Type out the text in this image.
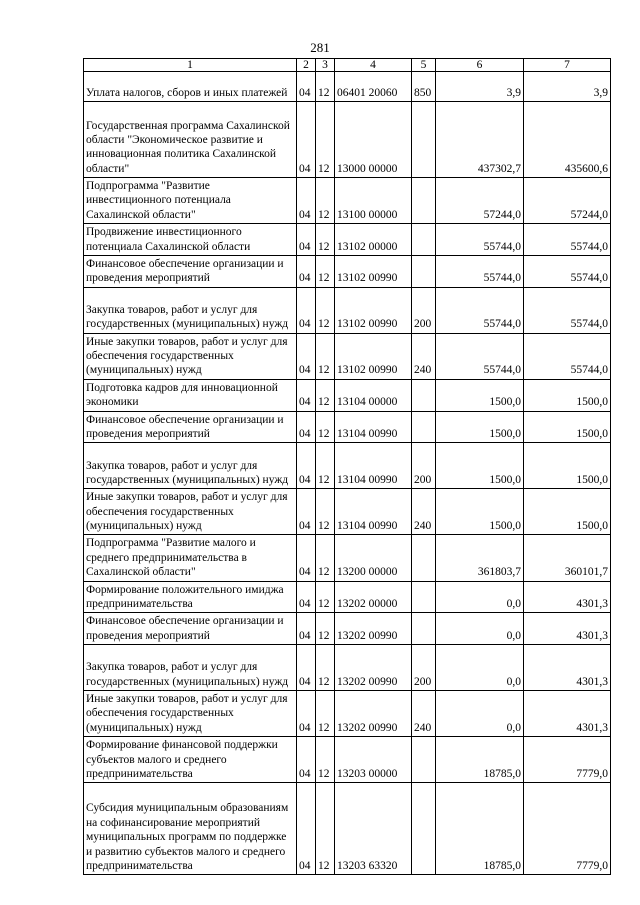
281
1	2	3	4	5	6	7
Уплата налогов, сборов и иных платежей	04	12	06401 20060	850	3,9	3,9
Государственная программа Сахалинской области "Экономическое развитие и инновационная политика Сахалинской области"	04	12	13000 00000		437302,7	435600,6
Подпрограмма "Развитие инвестиционного потенциала Сахалинской области"	04	12	13100 00000		57244,0	57244,0
Продвижение инвестиционного потенциала Сахалинской области	04	12	13102 00000		55744,0	55744,0
Финансовое обеспечение организации и проведения мероприятий	04	12	13102 00990		55744,0	55744,0
Закупка товаров, работ и услуг для государственных (муниципальных) нужд	04	12	13102 00990	200	55744,0	55744,0
Иные закупки товаров, работ и услуг для обеспечения государственных (муниципальных) нужд	04	12	13102 00990	240	55744,0	55744,0
Подготовка кадров для инновационной экономики	04	12	13104 00000		1500,0	1500,0
Финансовое обеспечение организации и проведения мероприятий	04	12	13104 00990		1500,0	1500,0
Закупка товаров, работ и услуг для государственных (муниципальных) нужд	04	12	13104 00990	200	1500,0	1500,0
Иные закупки товаров, работ и услуг для обеспечения государственных (муниципальных) нужд	04	12	13104 00990	240	1500,0	1500,0
Подпрограмма "Развитие малого и среднего предпринимательства в Сахалинской области"	04	12	13200 00000		361803,7	360101,7
Формирование положительного имиджа предпринимательства	04	12	13202 00000		0,0	4301,3
Финансовое обеспечение организации и проведения мероприятий	04	12	13202 00990		0,0	4301,3
Закупка товаров, работ и услуг для государственных (муниципальных) нужд	04	12	13202 00990	200	0,0	4301,3
Иные закупки товаров, работ и услуг для обеспечения государственных (муниципальных) нужд	04	12	13202 00990	240	0,0	4301,3
Формирование финансовой поддержки субъектов малого и среднего предпринимательства	04	12	13203 00000		18785,0	7779,0
Субсидия муниципальным образованиям на софинансирование мероприятий муниципальных программ по поддержке и развитию субъектов малого и среднего предпринимательства	04	12	13203 63320		18785,0	7779,0
